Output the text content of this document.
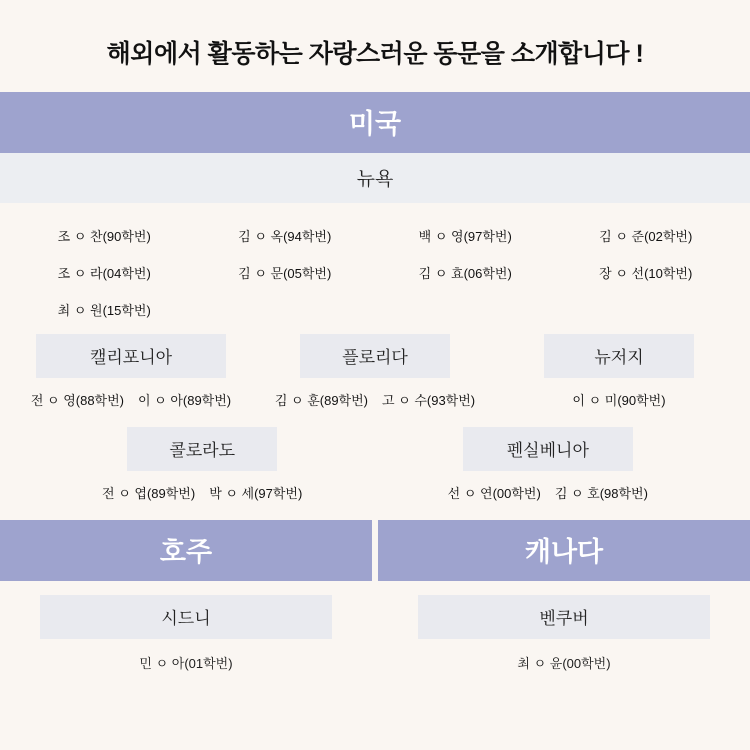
해외에서 활동하는 자랑스러운 동문을 소개합니다 !
미국
뉴욕
조 ㅇ 찬(90학번)	김 ㅇ 옥(94학번)	백 ㅇ 영(97학번)	김 ㅇ 준(02학번)
조 ㅇ 라(04학번)	김 ㅇ 문(05학번)	김 ㅇ 효(06학번)	장 ㅇ 선(10학번)
최 ㅇ 원(15학번)
캘리포니아
전 ㅇ 영(88학번) 이 ㅇ 아(89학번)
플로리다
김 ㅇ 훈(89학번) 고 ㅇ 수(93학번)
뉴저지
이 ㅇ 미(90학번)
콜로라도
전 ㅇ 엽(89학번) 박 ㅇ 세(97학번)
펜실베니아
선 ㅇ 연(00학번) 김 ㅇ 호(98학번)
호주
시드니
민 ㅇ 아(01학번)
캐나다
벤쿠버
최 ㅇ 윤(00학번)
